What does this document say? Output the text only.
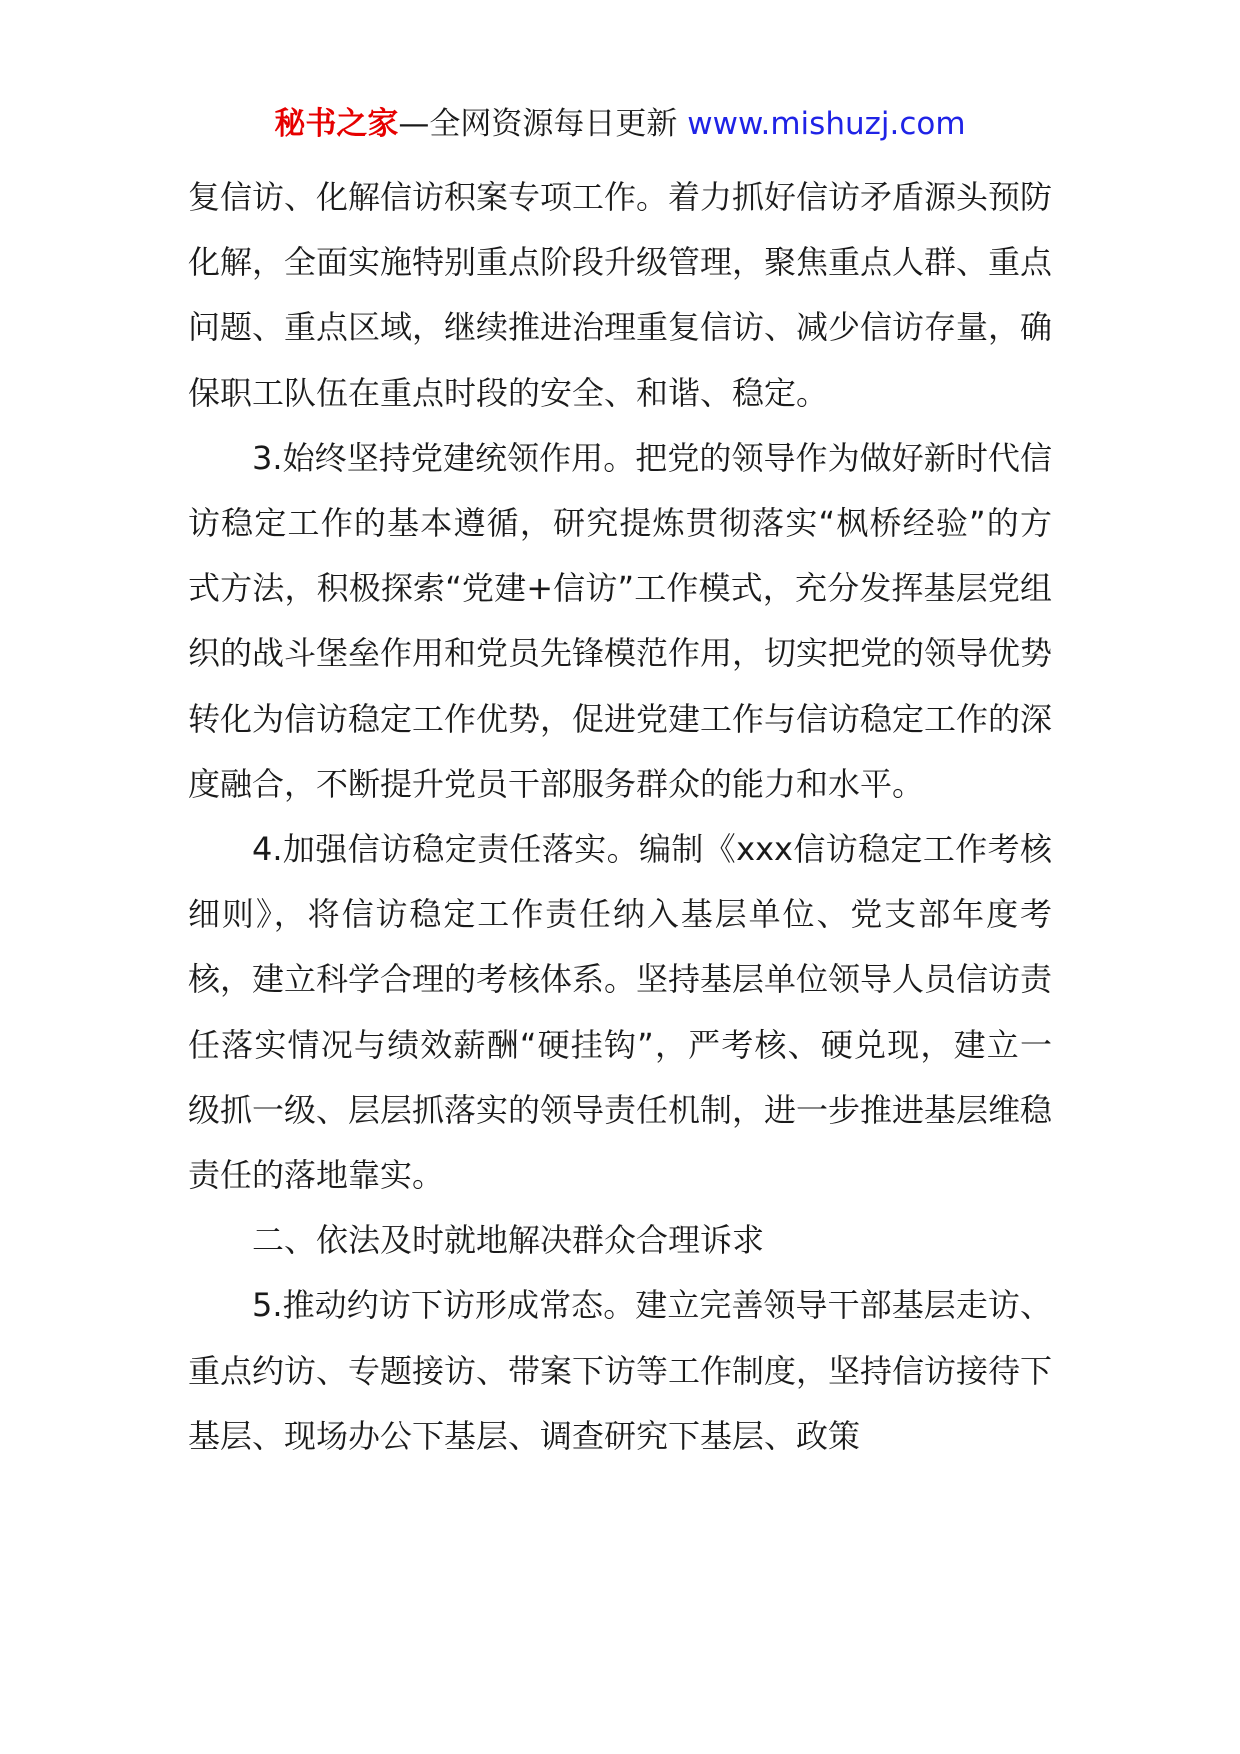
秘书之家—全网资源每日更新 www.mishuzj.com

复信访、化解信访积案专项工作。着力抓好信访矛盾源头预防化解，全面实施特别重点阶段升级管理，聚焦重点人群、重点问题、重点区域，继续推进治理重复信访、减少信访存量，确保职工队伍在重点时段的安全、和谐、稳定。

3.始终坚持党建统领作用。把党的领导作为做好新时代信访稳定工作的基本遵循，研究提炼贯彻落实“枫桥经验”的方式方法，积极探索“党建+信访”工作模式，充分发挥基层党组织的战斗堡垒作用和党员先锋模范作用，切实把党的领导优势转化为信访稳定工作优势，促进党建工作与信访稳定工作的深度融合，不断提升党员干部服务群众的能力和水平。

4.加强信访稳定责任落实。编制《xxx信访稳定工作考核细则》，将信访稳定工作责任纳入基层单位、党支部年度考核，建立科学合理的考核体系。坚持基层单位领导人员信访责任落实情况与绩效薪酬“硬挂钩”，严考核、硬兑现，建立一级抓一级、层层抓落实的领导责任机制，进一步推进基层维稳责任的落地靠实。

二、依法及时就地解决群众合理诉求

5.推动约访下访形成常态。建立完善领导干部基层走访、重点约访、专题接访、带案下访等工作制度，坚持信访接待下基层、现场办公下基层、调查研究下基层、政策
